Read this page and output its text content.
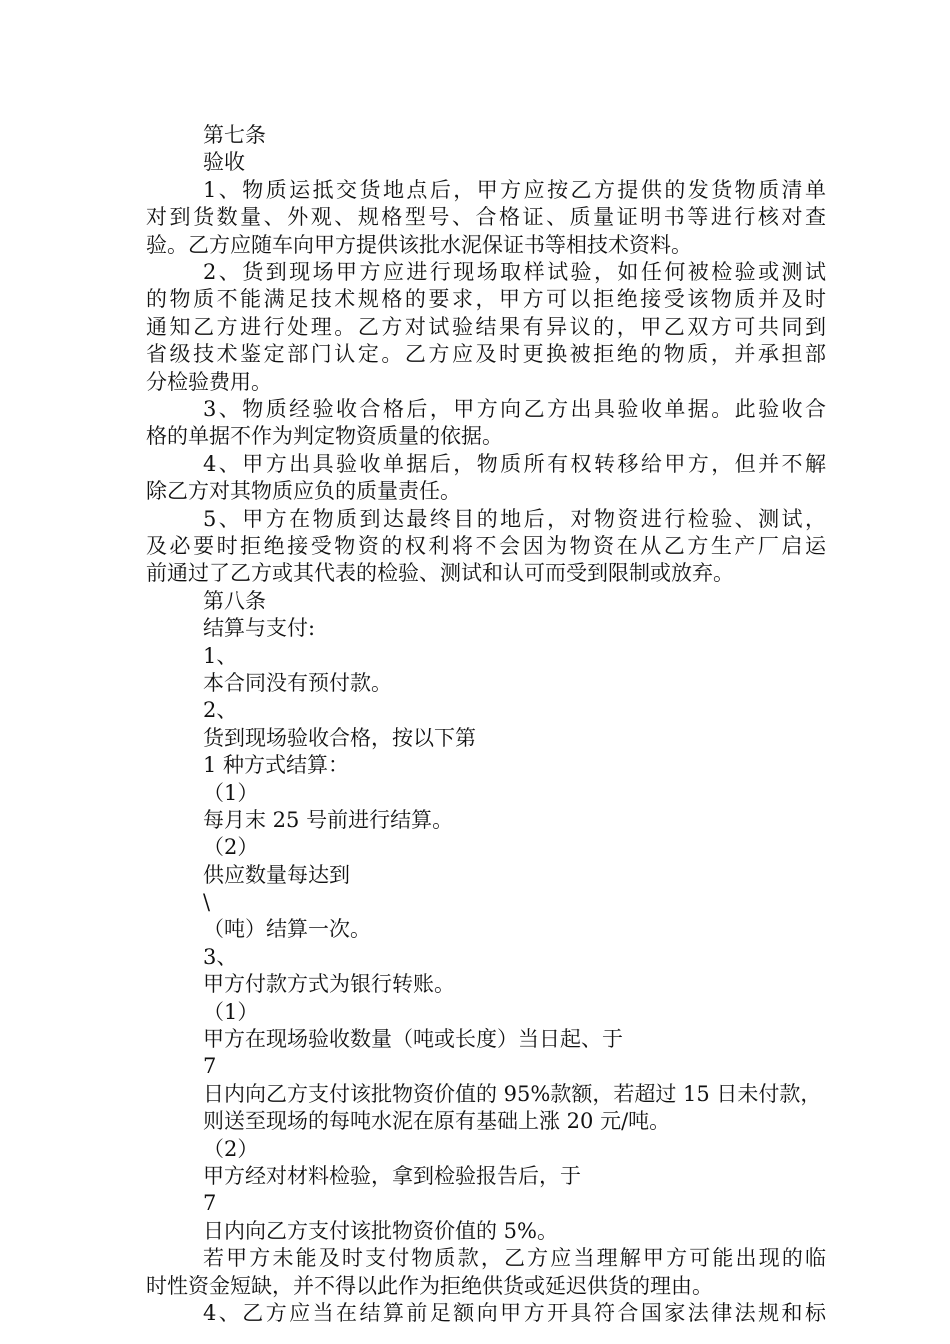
第七条
验收
1、物质运抵交货地点后，甲方应按乙方提供的发货物质清单
对到货数量、外观、规格型号、合格证、质量证明书等进行核对查
验。乙方应随车向甲方提供该批水泥保证书等相技术资料。
2、货到现场甲方应进行现场取样试验，如任何被检验或测试
的物质不能满足技术规格的要求，甲方可以拒绝接受该物质并及时
通知乙方进行处理。乙方对试验结果有异议的，甲乙双方可共同到
省级技术鉴定部门认定。乙方应及时更换被拒绝的物质，并承担部
分检验费用。
3、物质经验收合格后，甲方向乙方出具验收单据。此验收合
格的单据不作为判定物资质量的依据。
4、甲方出具验收单据后，物质所有权转移给甲方，但并不解
除乙方对其物质应负的质量责任。
5、甲方在物质到达最终目的地后，对物资进行检验、测试，
及必要时拒绝接受物资的权利将不会因为物资在从乙方生产厂启运
前通过了乙方或其代表的检验、测试和认可而受到限制或放弃。
第八条
结算与支付:
1、
本合同没有预付款。
2、
货到现场验收合格，按以下第
1 种方式结算：
（1）
每月末 25 号前进行结算。
（2）
供应数量每达到
\
（吨）结算一次。
3、
甲方付款方式为银行转账。
（1）
甲方在现场验收数量（吨或长度）当日起、于
7
日内向乙方支付该批物资价值的 95%款额，若超过 15 日未付款，
则送至现场的每吨水泥在原有基础上涨 20 元/吨。
（2）
甲方经对材料检验，拿到检验报告后，于
7
日内向乙方支付该批物资价值的 5%。
若甲方未能及时支付物质款，乙方应当理解甲方可能出现的临
时性资金短缺，并不得以此作为拒绝供货或延迟供货的理由。
4、乙方应当在结算前足额向甲方开具符合国家法律法规和标
